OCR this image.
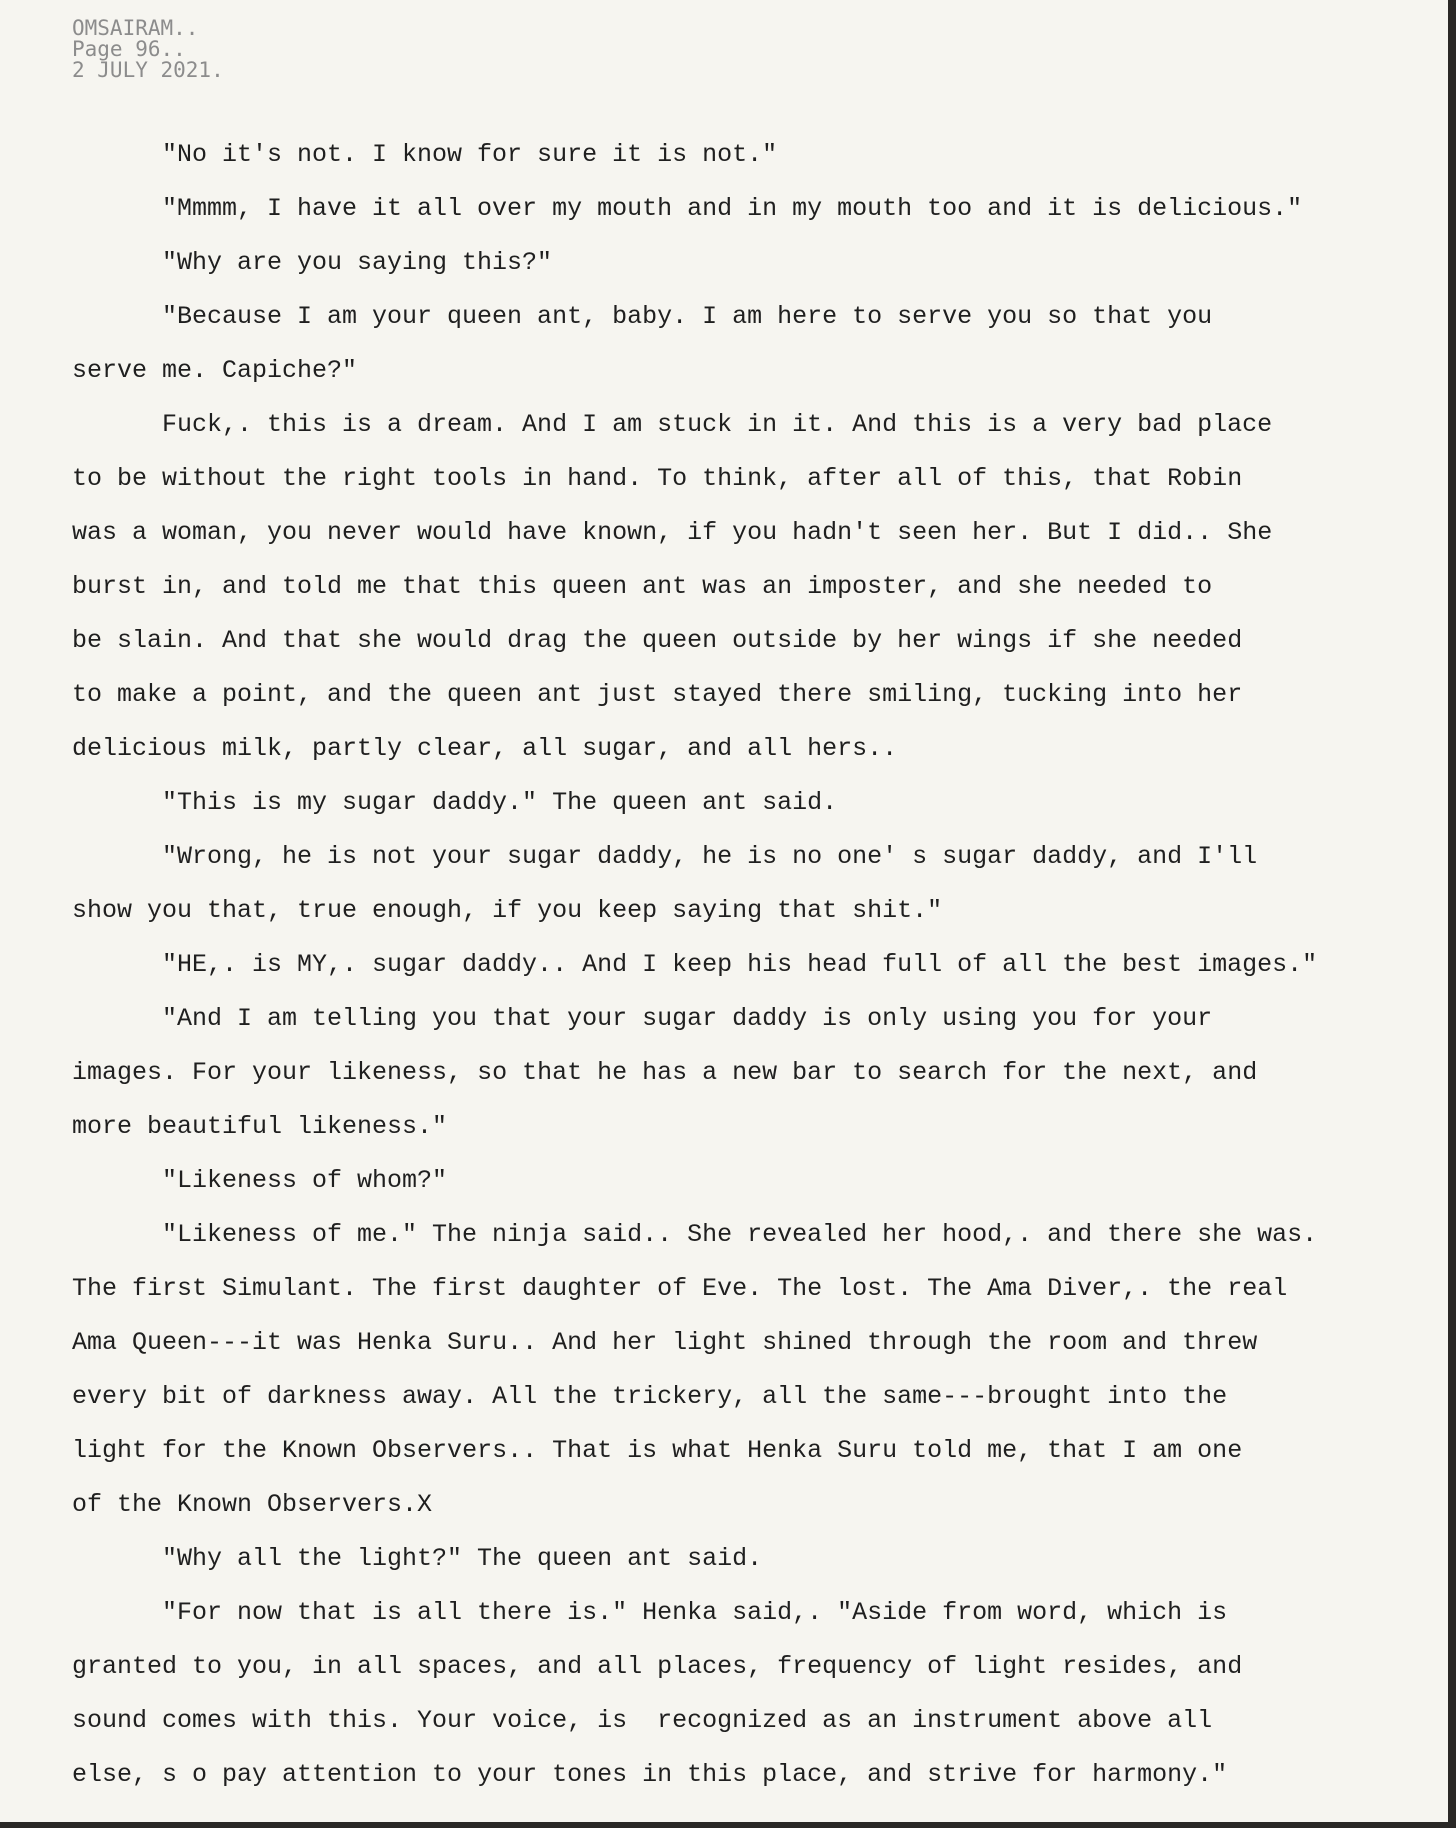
OMSAIRAM..
Page 96..
2 JULY 2021.
"No it's not. I know for sure it is not."
"Mmmm, I have it all over my mouth and in my mouth too and it is delicious."
"Why are you saying this?"
"Because I am your queen ant, baby. I am here to serve you so that you
serve me. Capiche?"
Fuck,. this is a dream. And I am stuck in it. And this is a very bad place
to be without the right tools in hand. To think, after all of this, that Robin
was a woman, you never would have known, if you hadn't seen her. But I did.. She
burst in, and told me that this queen ant was an imposter, and she needed to
be slain. And that she would drag the queen outside by her wings if she needed
to make a point, and the queen ant just stayed there smiling, tucking into her
delicious milk, partly clear, all sugar, and all hers..
"This is my sugar daddy." The queen ant said.
"Wrong, he is not your sugar daddy, he is no one' s sugar daddy, and I'll
show you that, true enough, if you keep saying that shit."
"HE,. is MY,. sugar daddy.. And I keep his head full of all the best images."
"And I am telling you that your sugar daddy is only using you for your
images. For your likeness, so that he has a new bar to search for the next, and
more beautiful likeness."
"Likeness of whom?"
"Likeness of me." The ninja said.. She revealed her hood,. and there she was.
The first Simulant. The first daughter of Eve. The lost. The Ama Diver,. the real
Ama Queen---it was Henka Suru.. And her light shined through the room and threw
every bit of darkness away. All the trickery, all the same---brought into the
light for the Known Observers.. That is what Henka Suru told me, that I am one
of the Known Observers.X
"Why all the light?" The queen ant said.
"For now that is all there is." Henka said,. "Aside from word, which is
granted to you, in all spaces, and all places, frequency of light resides, and
sound comes with this. Your voice, is  recognized as an instrument above all
else, s o pay attention to your tones in this place, and strive for harmony."
